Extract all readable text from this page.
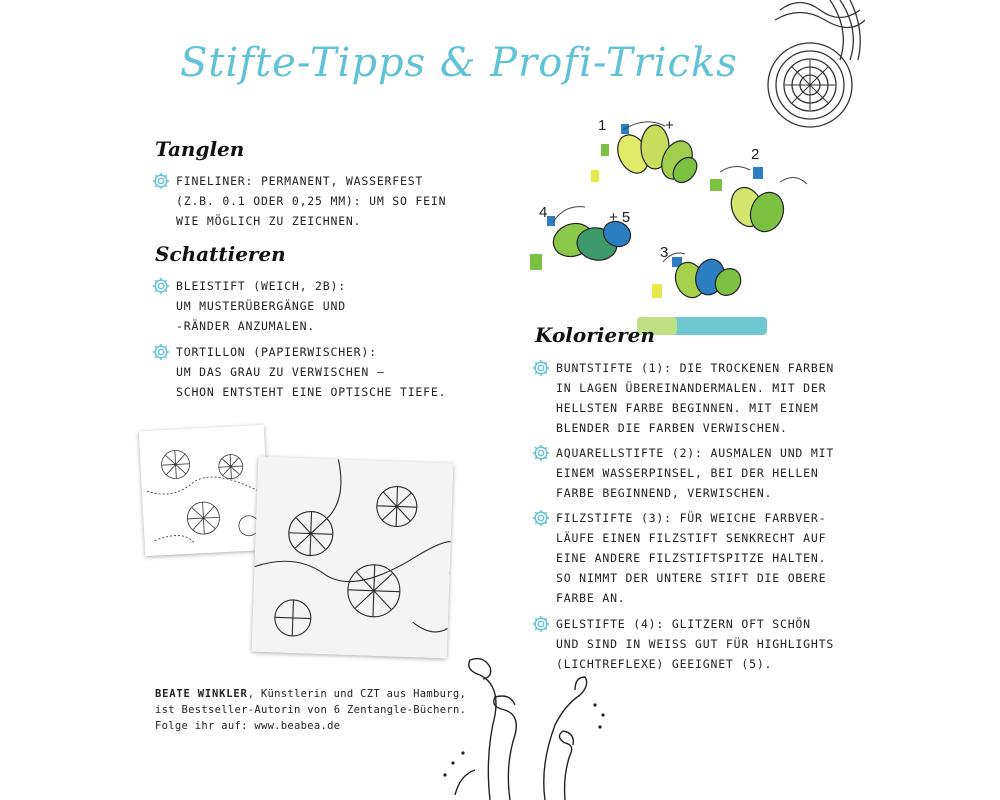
Stifte-Tipps & Profi-Tricks
Tanglen
FINELINER: PERMANENT, WASSERFEST
(Z.B. 0.1 ODER 0,25 MM): UM SO FEIN
WIE MÖGLICH ZU ZEICHNEN.
Schattieren
BLEISTIFT (WEICH, 2B):
UM MUSTERÜBERGÄNGE UND
-RÄNDER ANZUMALEN.
TORTILLON (PAPIERWISCHER):
UM DAS GRAU ZU VERWISCHEN –
SCHON ENTSTEHT EINE OPTISCHE TIEFE.
1	+
2
3
4	+ 5
Kolorieren
BUNTSTIFTE (1): DIE TROCKENEN FARBEN
IN LAGEN ÜBEREINANDERMALEN. MIT DER
HELLSTEN FARBE BEGINNEN. MIT EINEM
BLENDER DIE FARBEN VERWISCHEN.
AQUARELLSTIFTE (2): AUSMALEN UND MIT
EINEM WASSERPINSEL, BEI DER HELLEN
FARBE BEGINNEND, VERWISCHEN.
FILZSTIFTE (3): FÜR WEICHE FARBVER-
LÄUFE EINEN FILZSTIFT SENKRECHT AUF
EINE ANDERE FILZSTIFTSPITZE HALTEN.
SO NIMMT DER UNTERE STIFT DIE OBERE
FARBE AN.
GELSTIFTE (4): GLITZERN OFT SCHÖN
UND SIND IN WEISS GUT FÜR HIGHLIGHTS
(LICHTREFLEXE) GEEIGNET (5).
BEATE WINKLER, Künstlerin und CZT aus Hamburg,
ist Bestseller-Autorin von 6 Zentangle-Büchern.
Folge ihr auf: www.beabea.de
